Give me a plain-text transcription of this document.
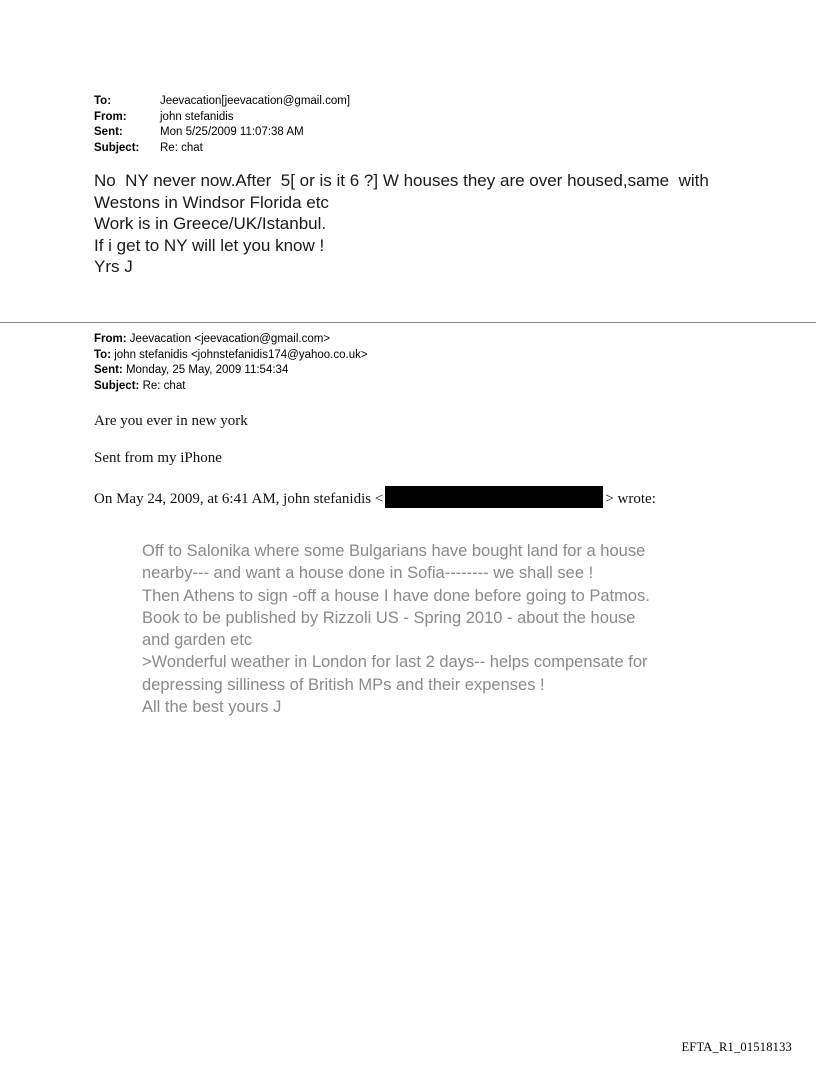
To:	Jeevacation[jeevacation@gmail.com]
From:	john stefanidis
Sent:	Mon 5/25/2009 11:07:38 AM
Subject:	Re: chat
No  NY never now.After  5[ or is it 6 ?] W houses they are over housed,same  with Westons in Windsor Florida etc
Work is in Greece/UK/Istanbul.
If i get to NY will let you know !
Yrs J
From: Jeevacation <jeevacation@gmail.com>
To: john stefanidis <johnstefanidis174@yahoo.co.uk>
Sent: Monday, 25 May, 2009 11:54:34
Subject: Re: chat
Are you ever in new york
Sent from my iPhone
On May 24, 2009, at 6:41 AM, john stefanidis <	> wrote:
Off to Salonika where some Bulgarians have bought land for a house nearby--- and want a house done in Sofia-------- we shall see !
Then Athens to sign -off a house I have done before going to Patmos.
Book to be published by Rizzoli US - Spring 2010 - about the house and garden etc
>Wonderful weather in London for last 2 days-- helps compensate for depressing silliness of British MPs and their expenses !
All the best yours J
EFTA_R1_01518133
